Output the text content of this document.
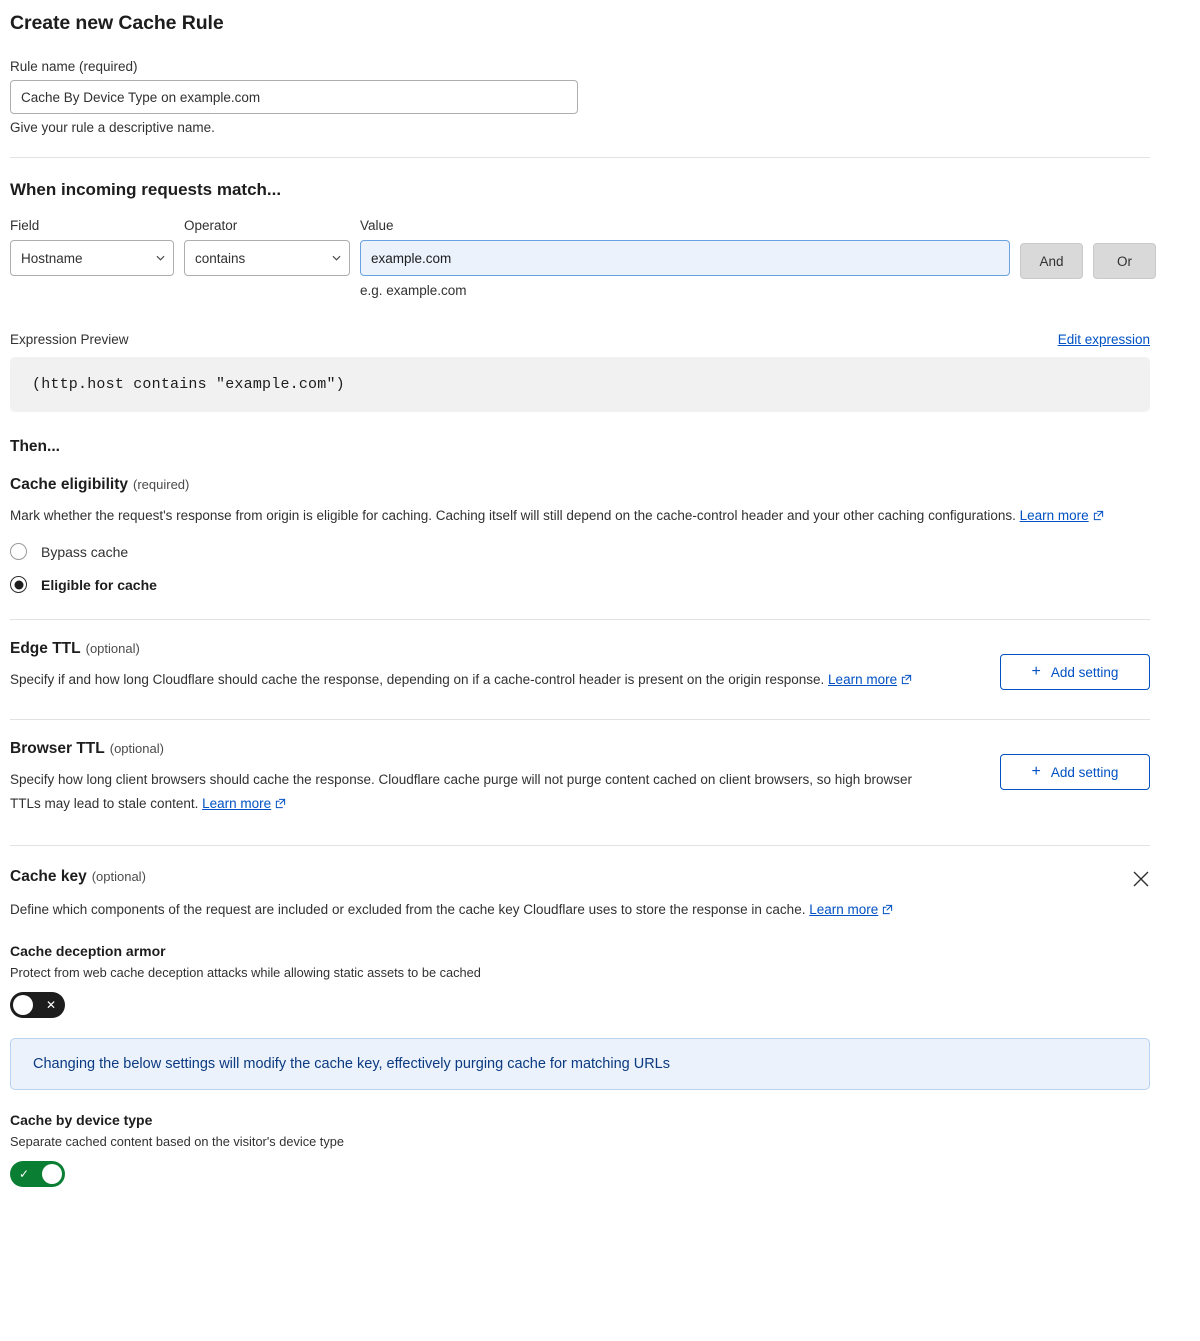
Create new Cache Rule
Rule name (required)
Cache By Device Type on example.com
Give your rule a descriptive name.
When incoming requests match...
Field
Hostname
Operator
contains
Value
example.com
e.g. example.com
And	Or
Expression Preview	Edit expression
(http.host contains "example.com")
Then...
Cache eligibility (required)
Mark whether the request's response from origin is eligible for caching. Caching itself will still depend on the cache-control header and your other caching configurations. Learn more
Bypass cache
Eligible for cache
Edge TTL (optional)
Specify if and how long Cloudflare should cache the response, depending on if a cache-control header is present on the origin response. Learn more	+ Add setting
Browser TTL (optional)
Specify how long client browsers should cache the response. Cloudflare cache purge will not purge content cached on client browsers, so high browser TTLs may lead to stale content. Learn more
+ Add setting
Cache key (optional)
Define which components of the request are included or excluded from the cache key Cloudflare uses to store the response in cache. Learn more
Cache deception armor
Protect from web cache deception attacks while allowing static assets to be cached
✕
Changing the below settings will modify the cache key, effectively purging cache for matching URLs
Cache by device type
Separate cached content based on the visitor's device type
✓
